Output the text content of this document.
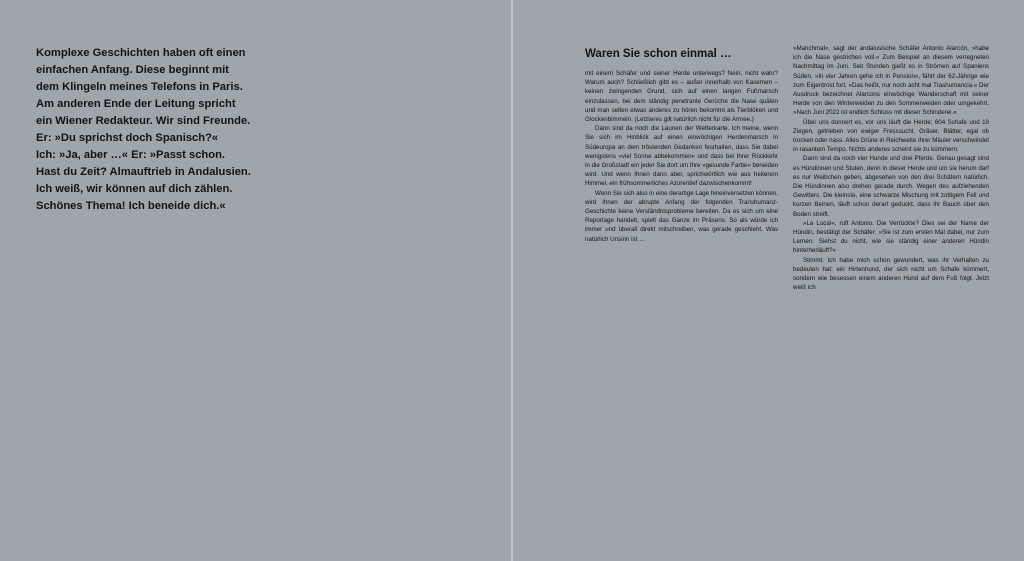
Komplexe Geschichten haben oft einen
einfachen Anfang. Diese beginnt mit
dem Klingeln meines Telefons in Paris.
Am anderen Ende der Leitung spricht
ein Wiener Redakteur. Wir sind Freunde.
Er: »Du sprichst doch Spanisch?«
Ich: »Ja, aber …« Er: »Passt schon.
Hast du Zeit? Almauftrieb in Andalusien.
Ich weiß, wir können auf dich zählen.
Schönes Thema! Ich beneide dich.«
Waren Sie schon einmal …

mit einem Schäfer und seiner Herde unterwegs? Nein, nicht wahr? Warum auch? Schließlich gibt es – außer innerhalb von Kasernen – keinen zwingenden Grund, sich auf einen langen Fußmarsch einzulassen, bei dem ständig penetrante Gerüche die Nase quälen und man selten etwas anderes zu hören bekommt als Tierblöken und Glockenbimmeln. (Letzteres gilt natürlich nicht für die Armee.)

Dann sind da noch die Launen der Wetterkarte. Ich meine, wenn Sie sich im Hinblick auf einen einwöchigen Herdenmarsch in Südeuropa an dem tröstenden Gedanken festhalten, dass Sie dabei wenigstens »viel Sonne abbekommen« und dass bei Ihrer Rückkehr in die Großstadt ein jeder Sie dort um Ihre »gesunde Farbe« beneiden wird. Und wenn Ihnen dann aber, sprichwörtlich wie aus heiterem Himmel, ein frühsommerliches Azorentief dazwischenkommt!

Wenn Sie sich also in eine derartige Lage hineinversetzen können, wird Ihnen der abrupte Anfang der folgenden Transhumanz-Geschichte keine Verständnisprobleme bereiten. Da es sich um eine Reportage handelt, spielt das Ganze im Präsens. So als würde ich immer und überall direkt mitschreiben, was gerade geschieht. Was natürlich Unsinn ist …

»Manchmal«, sagt der andalusische Schäfer Antonio Alarcón, »habe ich die Nase gestrichen voll.« Zum Beispiel an diesem verregneten Nachmittag im Juni. Seit Stunden gießt es in Strömen auf Spaniens Süden. »In vier Jahren gehe ich in Pension«, fährt der 62-Jährige wie zum Eigentrost fort. »Das heißt, nur noch acht mal Trashumancia.« Der Ausdruck bezeichnet Alarcóns einwöchige Wanderschaft mit seiner Herde von den Winterweiden zu den Sommerweiden oder umgekehrt. »Nach Juni 2022 ist endlich Schluss mit dieser Schinderei.«

Über uns donnert es, vor uns läuft die Herde: 604 Schafe und 18 Ziegen, getrieben von ewiger Fresssucht. Gräser, Blätter, egal ob trocken oder nass. Alles Grüne in Reichweite ihrer Mäuler verschwindet in rasantem Tempo. Nichts anderes scheint sie zu kümmern.

Dann sind da noch vier Hunde und drei Pferde. Genau gesagt sind es Hündinnen und Stuten, denn in dieser Herde und um sie herum darf es nur Weibchen geben, abgesehen von den drei Schäfern natürlich. Die Hündinnen also drehen gerade durch. Wegen des aufziehenden Gewitters. Die kleinste, eine schwarze Mischung mit zottigem Fell und kurzen Beinen, läuft schon derart geduckt, dass ihr Bauch über den Boden streift.

»La Local«, ruft Antonio. Die Verrückte? Dies sei der Name der Hündin, bestätigt der Schäfer: »Sie ist zum ersten Mal dabei, nur zum Lernen. Siehst du nicht, wie sie ständig einer anderen Hündin hinterherläuft?«

Stimmt. Ich habe mich schon gewundert, was ihr Verhalten zu bedeuten hat: ein Hirtenhund, der sich nicht um Schafe kümmert, sondern wie besessen einem anderen Hund auf dem Fuß folgt. Jetzt weiß ich
